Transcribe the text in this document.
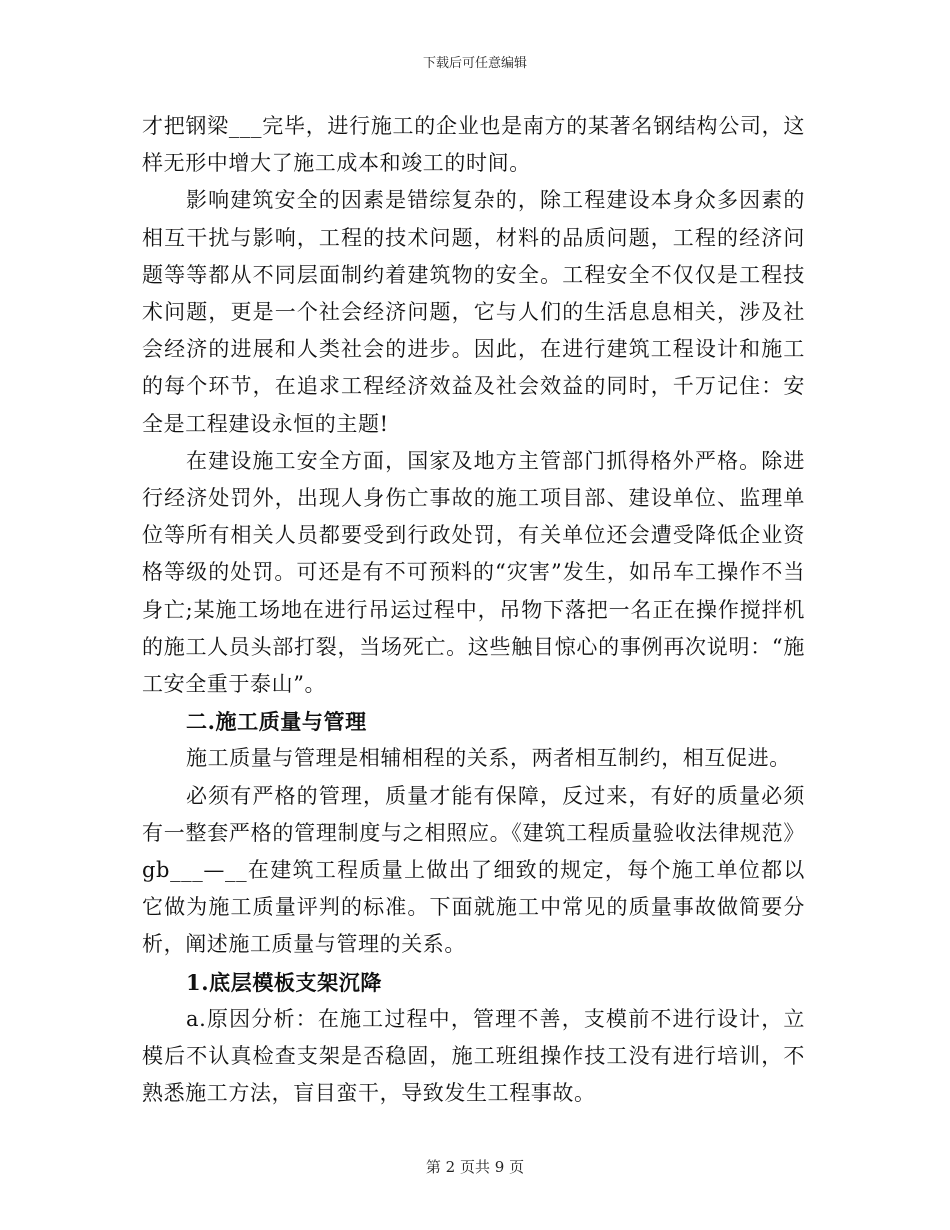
下载后可任意编辑

才把钢梁___完毕，进行施工的企业也是南方的某著名钢结构公司，这样无形中增大了施工成本和竣工的时间。

影响建筑安全的因素是错综复杂的，除工程建设本身众多因素的相互干扰与影响，工程的技术问题，材料的品质问题，工程的经济问题等等都从不同层面制约着建筑物的安全。工程安全不仅仅是工程技术问题，更是一个社会经济问题，它与人们的生活息息相关，涉及社会经济的进展和人类社会的进步。因此，在进行建筑工程设计和施工的每个环节，在追求工程经济效益及社会效益的同时，千万记住：安全是工程建设永恒的主题!

在建设施工安全方面，国家及地方主管部门抓得格外严格。除进行经济处罚外，出现人身伤亡事故的施工项目部、建设单位、监理单位等所有相关人员都要受到行政处罚，有关单位还会遭受降低企业资格等级的处罚。可还是有不可预料的“灾害”发生，如吊车工操作不当身亡;某施工场地在进行吊运过程中，吊物下落把一名正在操作搅拌机的施工人员头部打裂，当场死亡。这些触目惊心的事例再次说明：“施工安全重于泰山”。

二.施工质量与管理

施工质量与管理是相辅相程的关系，两者相互制约，相互促进。

必须有严格的管理，质量才能有保障，反过来，有好的质量必须有一整套严格的管理制度与之相照应。《建筑工程质量验收法律规范》gb___—__在建筑工程质量上做出了细致的规定，每个施工单位都以它做为施工质量评判的标准。下面就施工中常见的质量事故做简要分析，阐述施工质量与管理的关系。

1.底层模板支架沉降

a.原因分析：在施工过程中，管理不善，支模前不进行设计，立模后不认真检查支架是否稳固，施工班组操作技工没有进行培训，不熟悉施工方法，盲目蛮干，导致发生工程事故。

第 2 页共 9 页
